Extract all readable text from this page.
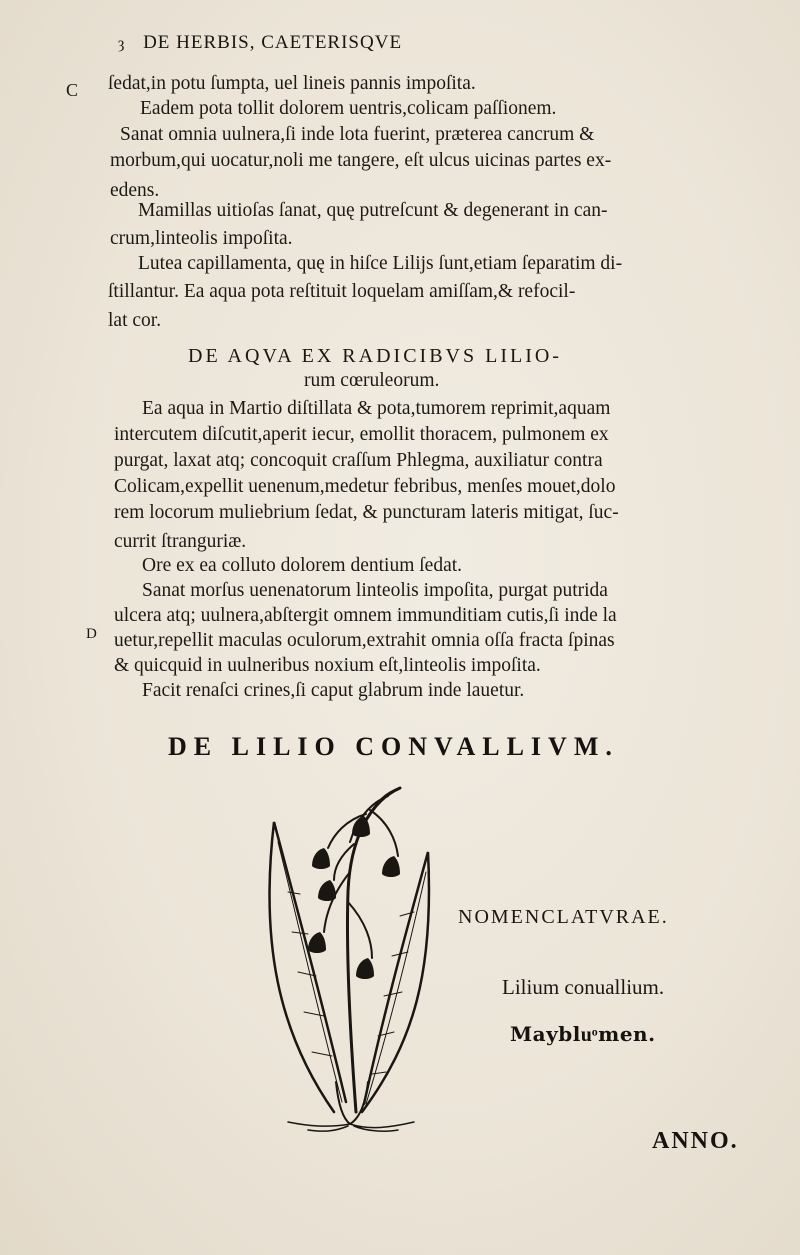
ȝ DE HERBIS, CAETERISQVE
C
D
ſedat,in potu ſumpta, uel lineis pannis impoſita.
Eadem pota tollit dolorem uentris,colicam paſſionem.
Sanat omnia uulnera,ſi inde lota fuerint, præterea cancrum &
morbum,qui uocatur,noli me tangere, eſt ulcus uicinas partes ex-
edens.
Mamillas uitioſas ſanat, quę putreſcunt & degenerant in can-
crum,linteolis impoſita.
Lutea capillamenta, quę in hiſce Lilijs ſunt,etiam ſeparatim di-
ſtillantur. Ea aqua pota reſtituit loquelam amiſſam,& refocil-
lat cor.
DE AQVA EX RADICIBVS LILIO-
rum cœruleorum.
Ea aqua in Martio diſtillata & pota,tumorem reprimit,aquam
intercutem diſcutit,aperit iecur, emollit thoracem, pulmonem ex
purgat, laxat atq; concoquit craſſum Phlegma, auxiliatur contra
Colicam,expellit uenenum,medetur febribus, menſes mouet,dolo
rem locorum muliebrium ſedat, & puncturam lateris mitigat, ſuc-
currit ſtranguriæ.
Ore ex ea colluto dolorem dentium ſedat.
Sanat morſus uenenatorum linteolis impoſita, purgat putrida
ulcera atq; uulnera,abſtergit omnem immunditiam cutis,ſi inde la
uetur,repellit maculas oculorum,extrahit omnia oſſa fracta ſpinas
& quicquid in uulneribus noxium eſt,linteolis impoſita.
Facit renaſci crines,ſi caput glabrum inde lauetur.
DE LILIO CONVALLIVM.
NOMENCLATVRAE.
Lilium conuallium.
Maybluͦmen.
ANNO.
